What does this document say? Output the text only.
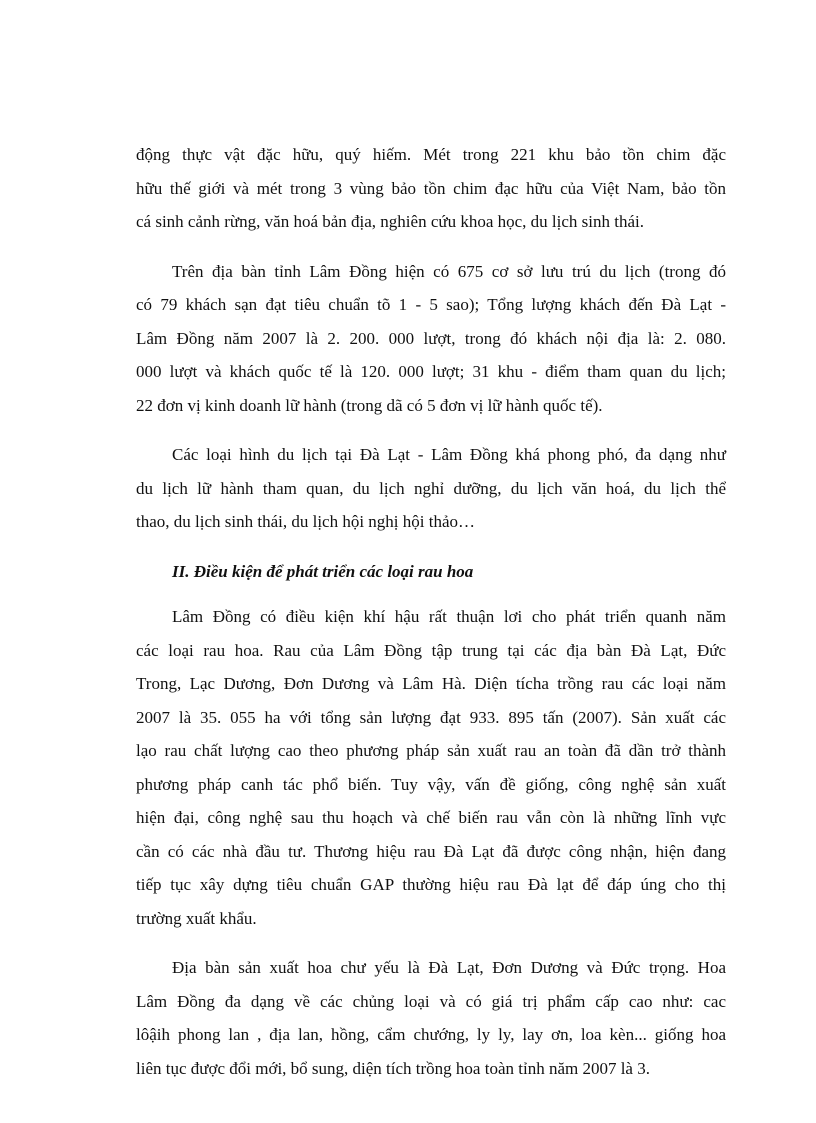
động thực vật đặc hữu, quý hiếm. Mét trong 221 khu bảo tồn chim đặc
hữu thế giới và mét trong 3 vùng bảo tồn chim đạc hữu của Việt Nam, bảo tồn
cá sinh cảnh rừng, văn hoá bản địa, nghiên cứu khoa học, du lịch sinh thái.

Trên địa bàn tỉnh Lâm Đồng hiện có 675 cơ sở lưu trú du lịch (trong đó
có 79 khách sạn đạt tiêu chuẩn tõ 1 - 5 sao); Tổng lượng khách đến Đà Lạt -
Lâm Đồng năm 2007 là 2. 200. 000 lượt, trong đó khách nội địa là: 2. 080.
000 lượt và khách quốc tế là 120. 000 lượt; 31 khu - điểm tham quan du lịch;
22 đơn vị kinh doanh lữ hành (trong dã có 5 đơn vị lữ hành quốc tế).

Các loại hình du lịch tại Đà Lạt - Lâm Đồng khá phong phó, đa dạng như
du lịch lữ hành tham quan, du lịch nghỉ dưỡng, du lịch văn hoá, du lịch thể
thao, du lịch sinh thái, du lịch hội nghị hội thảo…

II. Điều kiện để phát triển các loại rau hoa

Lâm Đồng có điều kiện khí hậu rất thuận lơi cho phát triển quanh năm
các loại rau hoa. Rau của Lâm Đồng tập trung tại các địa bàn Đà Lạt, Đức
Trong, Lạc Dương, Đơn Dương và Lâm Hà. Diện tícha trồng rau các loại năm
2007 là 35. 055 ha với tổng sản lượng đạt 933. 895 tấn (2007). Sản xuất các
lạo rau chất lượng cao theo phương pháp sản xuất rau an toàn đã dần trở thành
phương pháp canh tác phổ biến. Tuy vậy, vấn đề giống, công nghệ sản xuất
hiện đại, công nghệ sau thu hoạch và chế biến rau vẫn còn là những lĩnh vực
cần có các nhà đầu tư. Thương hiệu rau Đà Lạt đã được công nhận, hiện đang
tiếp tục xây dựng tiêu chuẩn GAP thường hiệu rau Đà lạt để đáp úng cho thị
trường xuất khẩu.

Địa bàn sản xuất hoa chư yếu là Đà Lạt, Đơn Dương và Đức trọng. Hoa
Lâm Đồng đa dạng về các chủng loại và có giá trị phẩm cấp cao như: cac
lôậih phong lan , địa lan, hồng, cẩm chướng, ly ly, lay ơn, loa kèn... giống hoa
liên tục được đổi mới, bổ sung, diện tích trồng hoa toàn tỉnh năm 2007 là 3.
